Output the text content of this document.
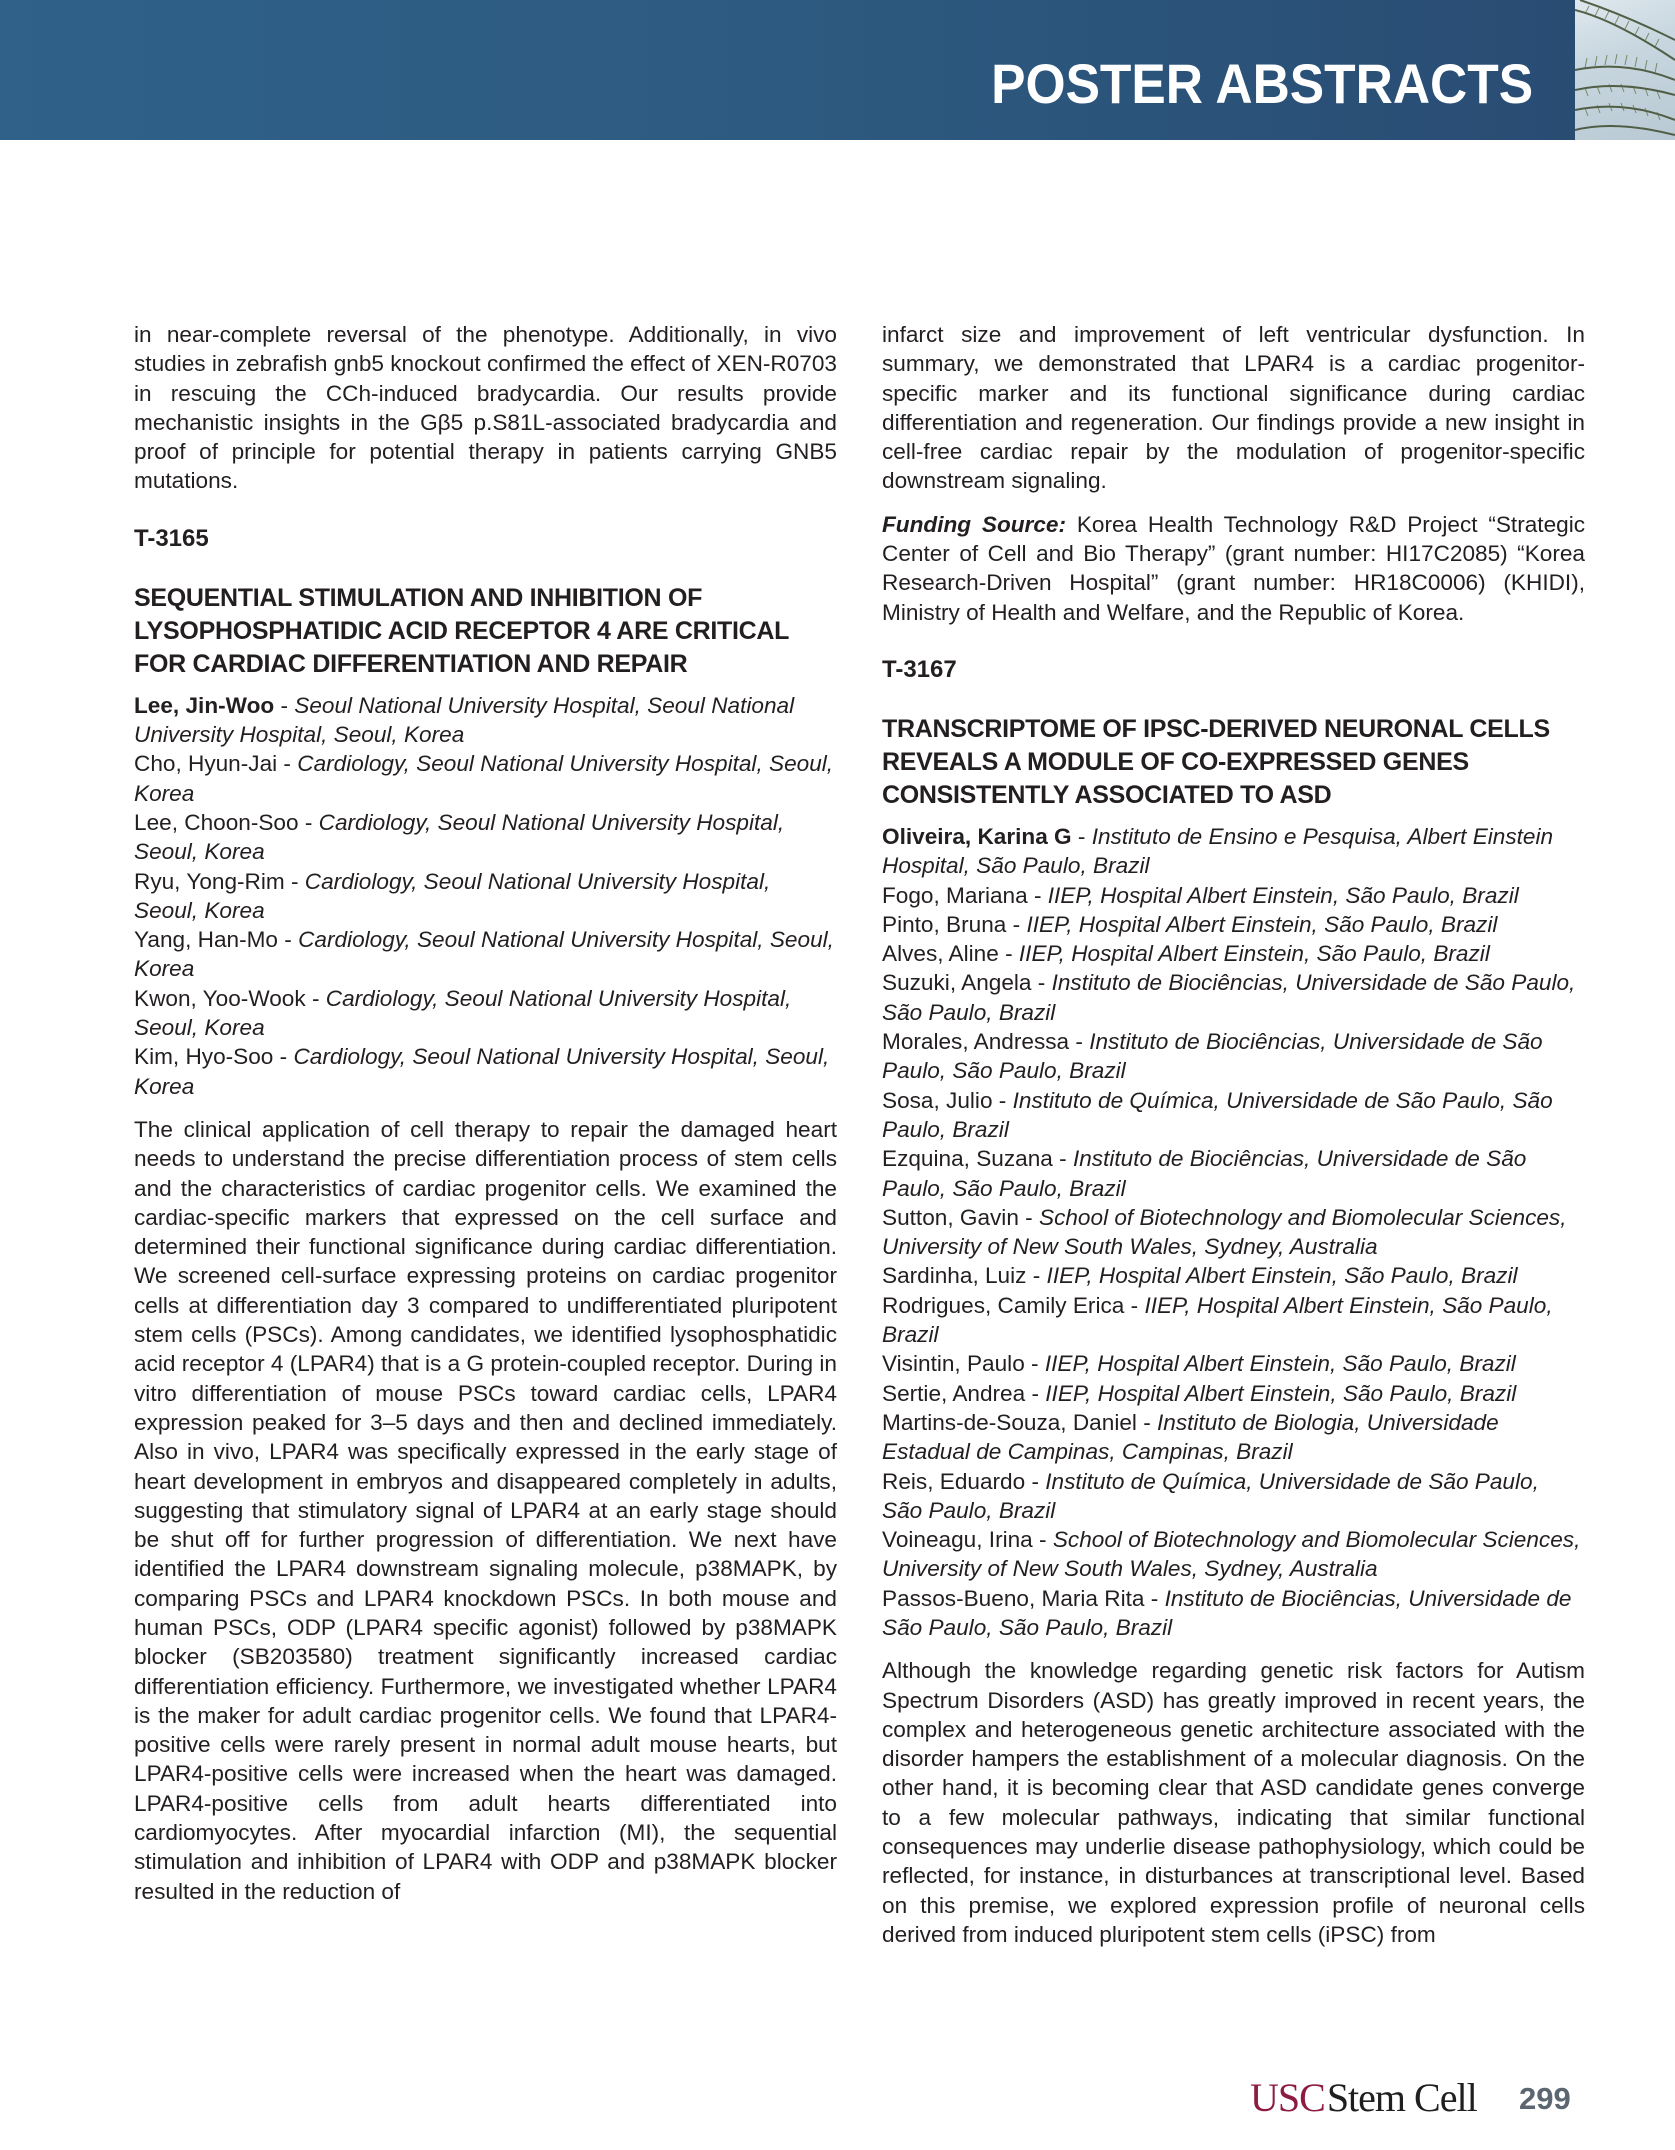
POSTER ABSTRACTS

in near-complete reversal of the phenotype. Additionally, in vivo studies in zebrafish gnb5 knockout confirmed the effect of XEN-R0703 in rescuing the CCh-induced bradycardia. Our results provide mechanistic insights in the Gβ5 p.S81L-associated bradycardia and proof of principle for potential therapy in patients carrying GNB5 mutations.

T-3165
SEQUENTIAL STIMULATION AND INHIBITION OF LYSOPHOSPHATIDIC ACID RECEPTOR 4 ARE CRITICAL FOR CARDIAC DIFFERENTIATION AND REPAIR

Lee, Jin-Woo - Seoul National University Hospital, Seoul National University Hospital, Seoul, Korea

Cho, Hyun-Jai - Cardiology, Seoul National University Hospital, Seoul, Korea

Lee, Choon-Soo - Cardiology, Seoul National University Hospital, Seoul, Korea

Ryu, Yong-Rim - Cardiology, Seoul National University Hospital, Seoul, Korea

Yang, Han-Mo - Cardiology, Seoul National University Hospital, Seoul, Korea

Kwon, Yoo-Wook - Cardiology, Seoul National University Hospital, Seoul, Korea

Kim, Hyo-Soo - Cardiology, Seoul National University Hospital, Seoul, Korea

The clinical application of cell therapy to repair the damaged heart needs to understand the precise differentiation process of stem cells and the characteristics of cardiac progenitor cells. We examined the cardiac-specific markers that expressed on the cell surface and determined their functional significance during cardiac differentiation. We screened cell-surface expressing proteins on cardiac progenitor cells at differentiation day 3 compared to undifferentiated pluripotent stem cells (PSCs). Among candidates, we identified lysophosphatidic acid receptor 4 (LPAR4) that is a G protein-coupled receptor. During in vitro differentiation of mouse PSCs toward cardiac cells, LPAR4 expression peaked for 3–5 days and then and declined immediately. Also in vivo, LPAR4 was specifically expressed in the early stage of heart development in embryos and disappeared completely in adults, suggesting that stimulatory signal of LPAR4 at an early stage should be shut off for further progression of differentiation. We next have identified the LPAR4 downstream signaling molecule, p38MAPK, by comparing PSCs and LPAR4 knockdown PSCs. In both mouse and human PSCs, ODP (LPAR4 specific agonist) followed by p38MAPK blocker (SB203580) treatment significantly increased cardiac differentiation efficiency. Furthermore, we investigated whether LPAR4 is the maker for adult cardiac progenitor cells. We found that LPAR4-positive cells were rarely present in normal adult mouse hearts, but LPAR4-positive cells were increased when the heart was damaged. LPAR4-positive cells from adult hearts differentiated into cardiomyocytes. After myocardial infarction (MI), the sequential stimulation and inhibition of LPAR4 with ODP and p38MAPK blocker resulted in the reduction of

infarct size and improvement of left ventricular dysfunction. In summary, we demonstrated that LPAR4 is a cardiac progenitor-specific marker and its functional significance during cardiac differentiation and regeneration. Our findings provide a new insight in cell-free cardiac repair by the modulation of progenitor-specific downstream signaling.

Funding Source: Korea Health Technology R&D Project “Strategic Center of Cell and Bio Therapy” (grant number: HI17C2085) “Korea Research-Driven Hospital” (grant number: HR18C0006) (KHIDI), Ministry of Health and Welfare, and the Republic of Korea.

T-3167
TRANSCRIPTOME OF IPSC-DERIVED NEURONAL CELLS REVEALS A MODULE OF CO-EXPRESSED GENES CONSISTENTLY ASSOCIATED TO ASD

Oliveira, Karina G - Instituto de Ensino e Pesquisa, Albert Einstein Hospital, São Paulo, Brazil

Fogo, Mariana - IIEP, Hospital Albert Einstein, São Paulo, Brazil

Pinto, Bruna - IIEP, Hospital Albert Einstein, São Paulo, Brazil

Alves, Aline - IIEP, Hospital Albert Einstein, São Paulo, Brazil

Suzuki, Angela - Instituto de Biociências, Universidade de São Paulo, São Paulo, Brazil

Morales, Andressa - Instituto de Biociências, Universidade de São Paulo, São Paulo, Brazil

Sosa, Julio - Instituto de Química, Universidade de São Paulo, São Paulo, Brazil

Ezquina, Suzana - Instituto de Biociências, Universidade de São Paulo, São Paulo, Brazil

Sutton, Gavin - School of Biotechnology and Biomolecular Sciences, University of New South Wales, Sydney, Australia

Sardinha, Luiz - IIEP, Hospital Albert Einstein, São Paulo, Brazil

Rodrigues, Camily Erica - IIEP, Hospital Albert Einstein, São Paulo, Brazil

Visintin, Paulo - IIEP, Hospital Albert Einstein, São Paulo, Brazil

Sertie, Andrea - IIEP, Hospital Albert Einstein, São Paulo, Brazil

Martins-de-Souza, Daniel - Instituto de Biologia, Universidade Estadual de Campinas, Campinas, Brazil

Reis, Eduardo - Instituto de Química, Universidade de São Paulo, São Paulo, Brazil

Voineagu, Irina - School of Biotechnology and Biomolecular Sciences, University of New South Wales, Sydney, Australia

Passos-Bueno, Maria Rita - Instituto de Biociências, Universidade de São Paulo, São Paulo, Brazil

Although the knowledge regarding genetic risk factors for Autism Spectrum Disorders (ASD) has greatly improved in recent years, the complex and heterogeneous genetic architecture associated with the disorder hampers the establishment of a molecular diagnosis. On the other hand, it is becoming clear that ASD candidate genes converge to a few molecular pathways, indicating that similar functional consequences may underlie disease pathophysiology, which could be reflected, for instance, in disturbances at transcriptional level. Based on this premise, we explored expression profile of neuronal cells derived from induced pluripotent stem cells (iPSC) from

USCStem Cell 299
